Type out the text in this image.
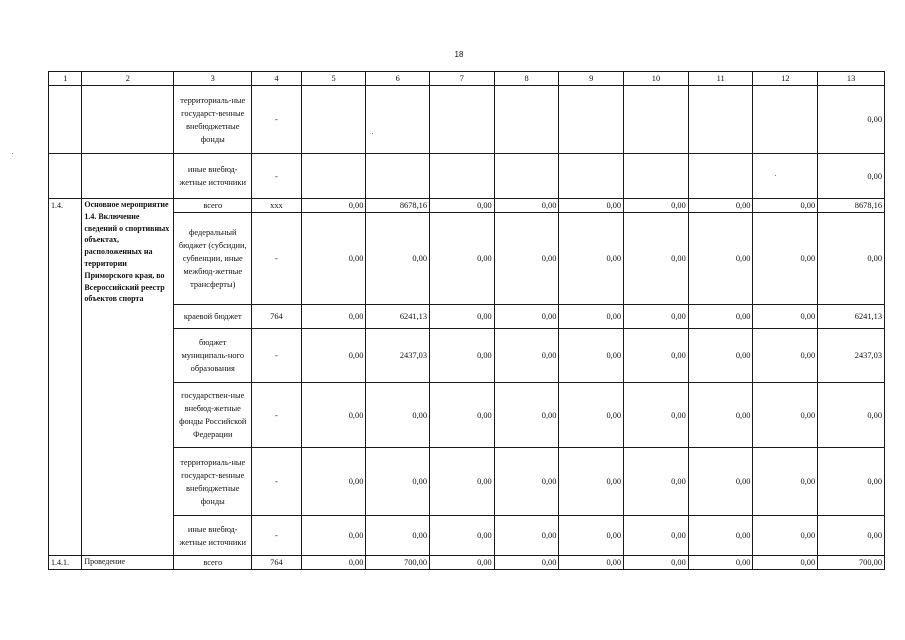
18
1	2	3	4	5	6	7	8	9	10	11	12	13
		территориаль-ные государст-венные внебюджетные фонды	-									0,00
		иные внебюд-жетные источники	-									0,00
1.4.	Основное мероприятие 1.4. Включение сведений о спортивных объектах, расположенных на территории Приморского края, во Всероссийский реестр объектов спорта	всего	xxx	0,00	8678,16	0,00	0,00	0,00	0,00	0,00	0,00	8678,16
		федеральный бюджет (субсидии, субвенции, иные межбюд-жетные трансферты)	-	0,00	0,00	0,00	0,00	0,00	0,00	0,00	0,00	0,00
		краевой бюджет	764	0,00	6241,13	0,00	0,00	0,00	0,00	0,00	0,00	6241,13
		бюджет муниципаль-ного образования	-	0,00	2437,03	0,00	0,00	0,00	0,00	0,00	0,00	2437,03
		государствен-ные внебюд-жетные фонды Российской Федерации	-	0,00	0,00	0,00	0,00	0,00	0,00	0,00	0,00	0,00
		территориаль-ные государст-венные внебюджетные фонды	-	0,00	0,00	0,00	0,00	0,00	0,00	0,00	0,00	0,00
		иные внебюд-жетные источники	-	0,00	0,00	0,00	0,00	0,00	0,00	0,00	0,00	0,00
1.4.1.	Проведение	всего	764	0,00	700,00	0,00	0,00	0,00	0,00	0,00	0,00	700,00
